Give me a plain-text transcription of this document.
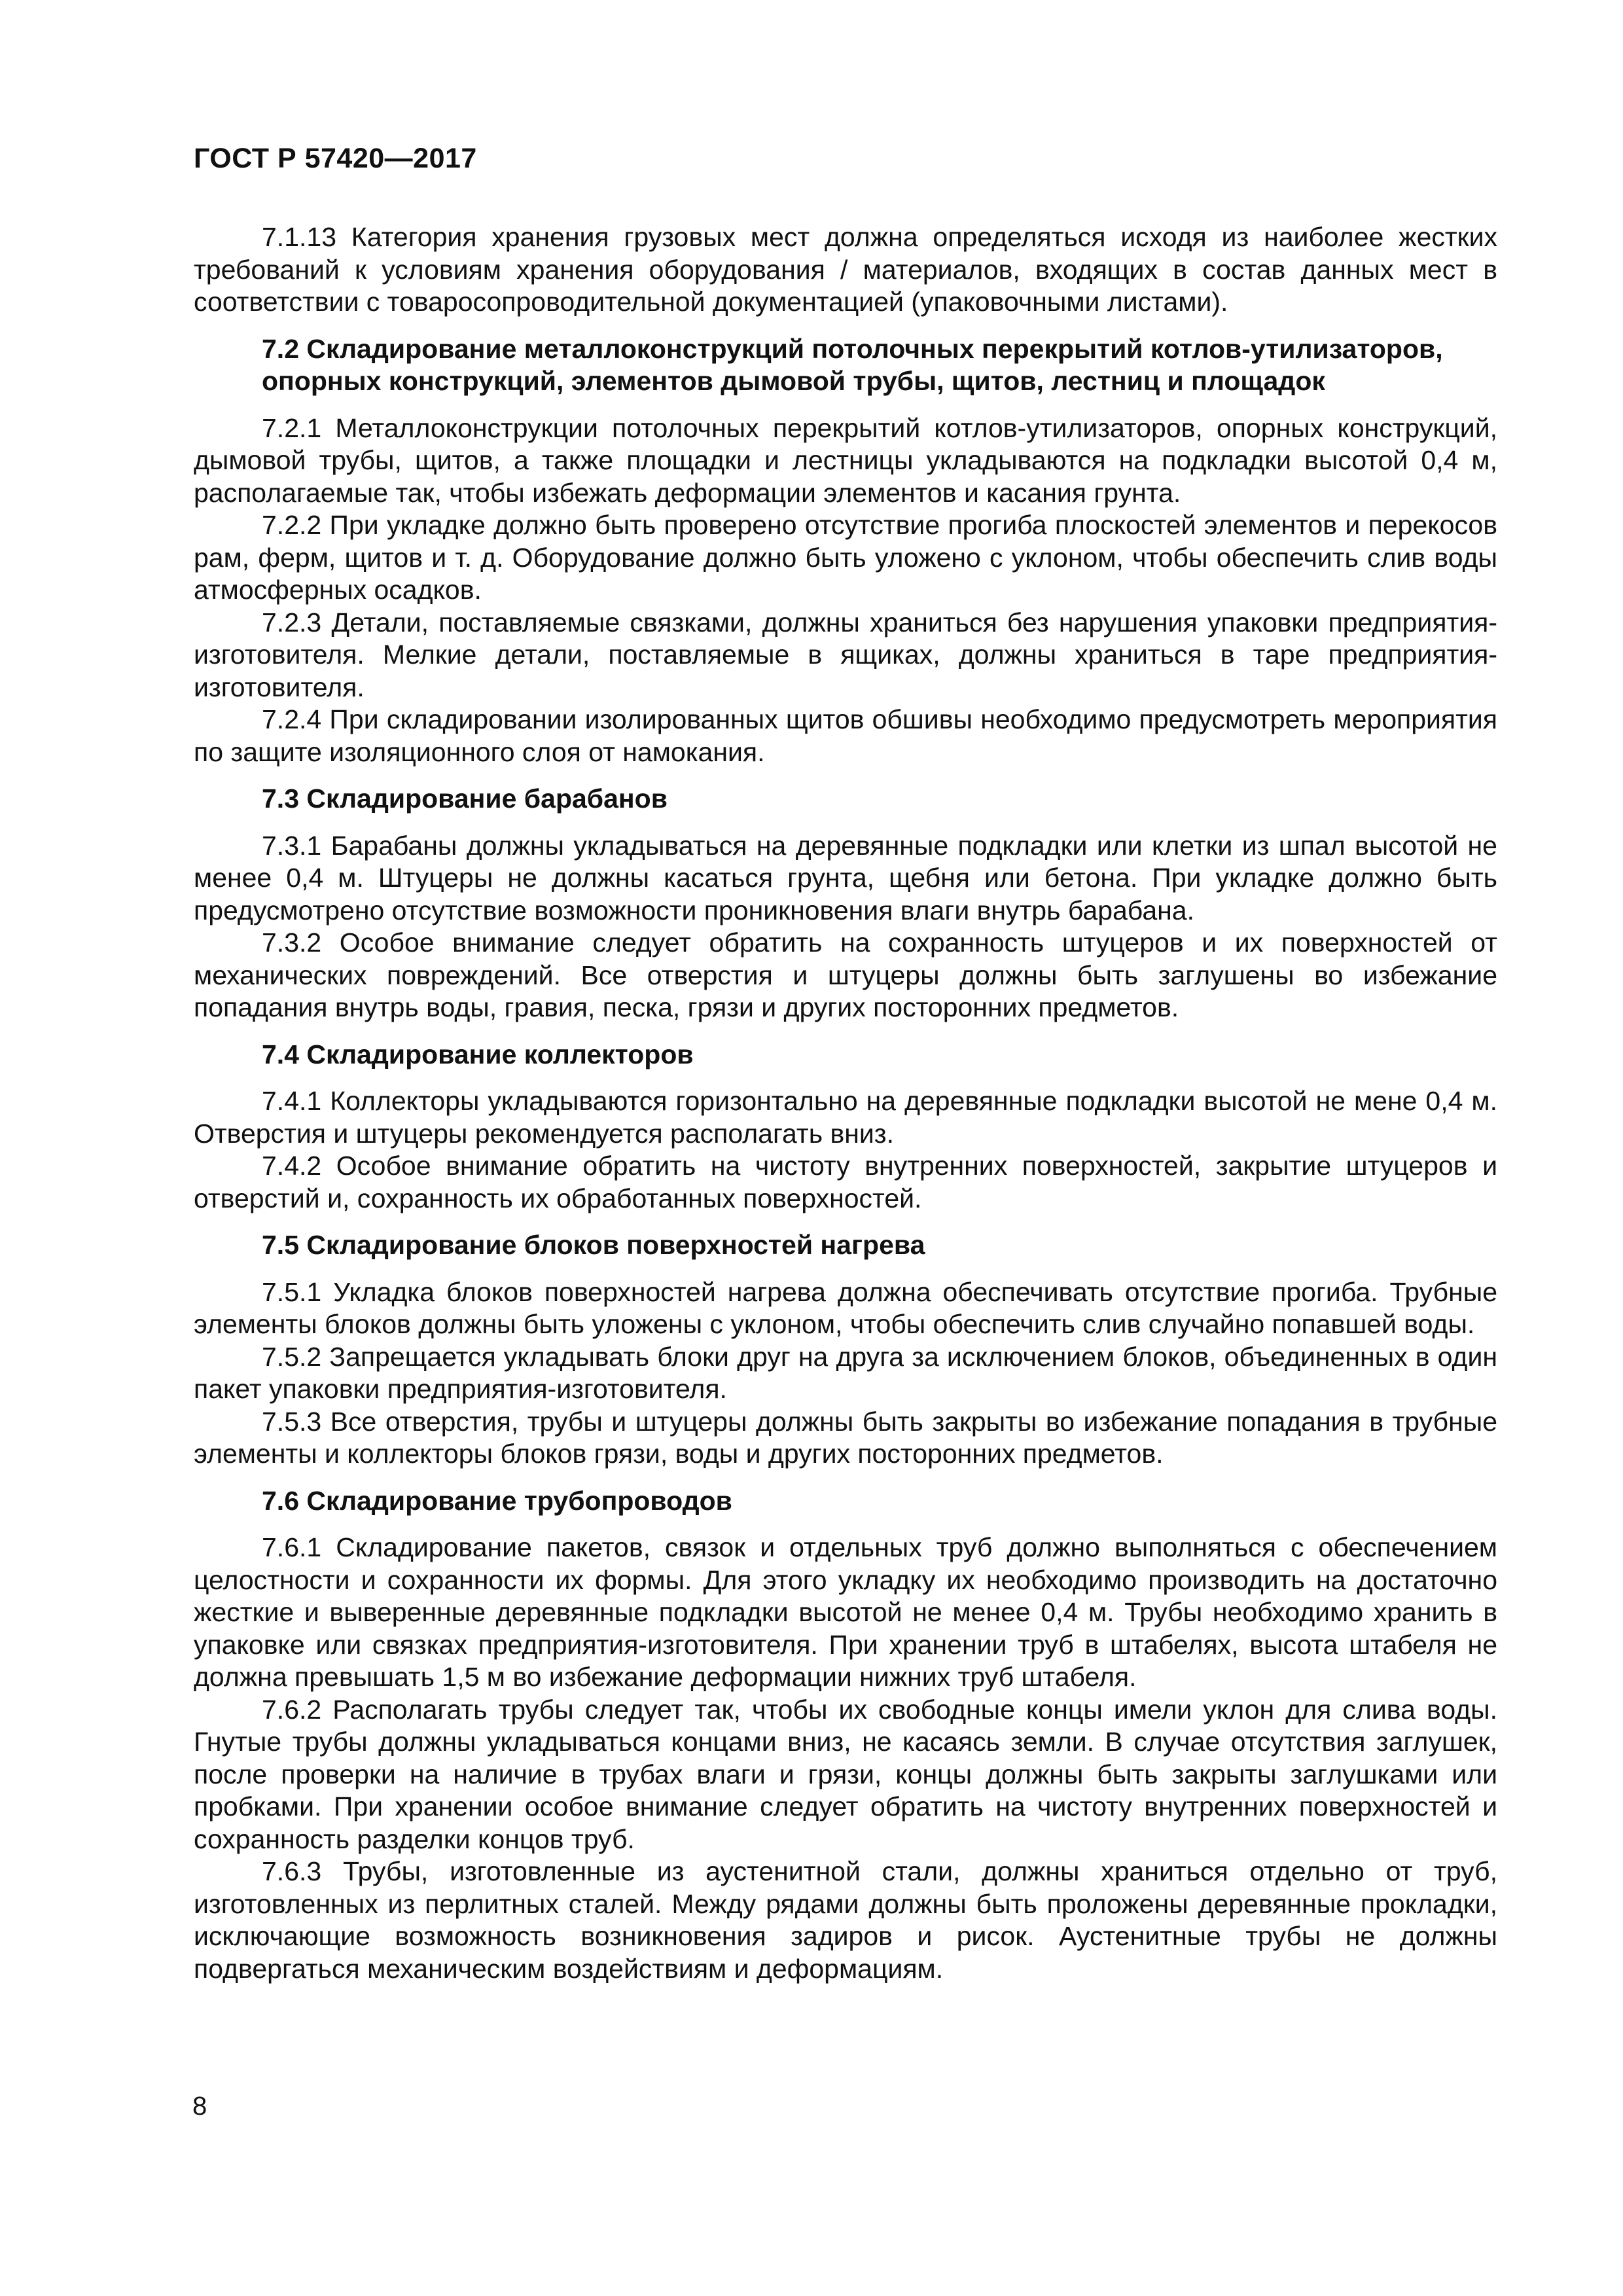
ГОСТ Р 57420—2017

7.1.13 Категория хранения грузовых мест должна определяться исходя из наиболее жестких требований к условиям хранения оборудования / материалов, входящих в состав данных мест в соответствии с товаросопроводительной документацией (упаковочными листами).

7.2 Складирование металлоконструкций потолочных перекрытий котлов-утилизаторов, опорных конструкций, элементов дымовой трубы, щитов, лестниц и площадок

7.2.1 Металлоконструкции потолочных перекрытий котлов-утилизаторов, опорных конструкций, дымовой трубы, щитов, а также площадки и лестницы укладываются на подкладки высотой 0,4 м, располагаемые так, чтобы избежать деформации элементов и касания грунта.

7.2.2 При укладке должно быть проверено отсутствие прогиба плоскостей элементов и перекосов рам, ферм, щитов и т. д. Оборудование должно быть уложено с уклоном, чтобы обеспечить слив воды атмосферных осадков.

7.2.3 Детали, поставляемые связками, должны храниться без нарушения упаковки предприятия-изготовителя. Мелкие детали, поставляемые в ящиках, должны храниться в таре предприятия-изготовителя.

7.2.4 При складировании изолированных щитов обшивы необходимо предусмотреть мероприятия по защите изоляционного слоя от намокания.

7.3 Складирование барабанов

7.3.1 Барабаны должны укладываться на деревянные подкладки или клетки из шпал высотой не менее 0,4 м. Штуцеры не должны касаться грунта, щебня или бетона. При укладке должно быть предусмотрено отсутствие возможности проникновения влаги внутрь барабана.

7.3.2 Особое внимание следует обратить на сохранность штуцеров и их поверхностей от механических повреждений. Все отверстия и штуцеры должны быть заглушены во избежание попадания внутрь воды, гравия, песка, грязи и других посторонних предметов.

7.4 Складирование коллекторов

7.4.1 Коллекторы укладываются горизонтально на деревянные подкладки высотой не мене 0,4 м. Отверстия и штуцеры рекомендуется располагать вниз.

7.4.2 Особое внимание обратить на чистоту внутренних поверхностей, закрытие штуцеров и отверстий и, сохранность их обработанных поверхностей.

7.5 Складирование блоков поверхностей нагрева

7.5.1 Укладка блоков поверхностей нагрева должна обеспечивать отсутствие прогиба. Трубные элементы блоков должны быть уложены с уклоном, чтобы обеспечить слив случайно попавшей воды.

7.5.2 Запрещается укладывать блоки друг на друга за исключением блоков, объединенных в один пакет упаковки предприятия-изготовителя.

7.5.3 Все отверстия, трубы и штуцеры должны быть закрыты во избежание попадания в трубные элементы и коллекторы блоков грязи, воды и других посторонних предметов.

7.6 Складирование трубопроводов

7.6.1 Складирование пакетов, связок и отдельных труб должно выполняться с обеспечением целостности и сохранности их формы. Для этого укладку их необходимо производить на достаточно жесткие и выверенные деревянные подкладки высотой не менее 0,4 м. Трубы необходимо хранить в упаковке или связках предприятия-изготовителя. При хранении труб в штабелях, высота штабеля не должна превышать 1,5 м во избежание деформации нижних труб штабеля.

7.6.2 Располагать трубы следует так, чтобы их свободные концы имели уклон для слива воды. Гнутые трубы должны укладываться концами вниз, не касаясь земли. В случае отсутствия заглушек, после проверки на наличие в трубах влаги и грязи, концы должны быть закрыты заглушками или пробками. При хранении особое внимание следует обратить на чистоту внутренних поверхностей и сохранность разделки концов труб.

7.6.3 Трубы, изготовленные из аустенитной стали, должны храниться отдельно от труб, изготовленных из перлитных сталей. Между рядами должны быть проложены деревянные прокладки, исключающие возможность возникновения задиров и рисок. Аустенитные трубы не должны подвергаться механическим воздействиям и деформациям.

8
